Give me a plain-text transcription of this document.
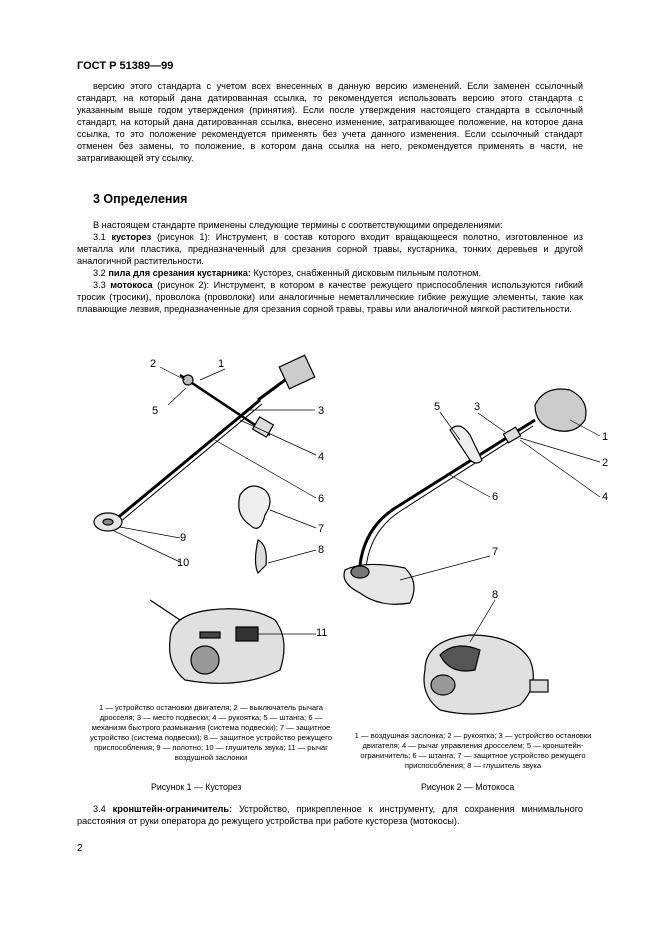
ГОСТ Р 51389—99
версию этого стандарта с учетом всех внесенных в данную версию изменений. Если заменен ссылочный стандарт, на который дана датированная ссылка, то рекомендуется использовать версию этого стандарта с указанным выше годом утверждения (принятия). Если после утверждения настоящего стандарта в ссылочный стандарт, на который дана датированная ссылка, внесено изменение, затрагивающее положение, на которое дана ссылка, то это положение рекомендуется применять без учета данного изменения. Если ссылочный стандарт отменен без замены, то положение, в котором дана ссылка на него, рекомендуется применять в части, не затрагивающей эту ссылку.
3 Определения
В настоящем стандарте применены следующие термины с соответствующими определениями:
3.1 кусторез (рисунок 1): Инструмент, в состав которого входит вращающееся полотно, изготовленное из металла или пластика, предназначенный для срезания сорной травы, кустарника, тонких деревьев и другой аналогичной растительности.
3.2 пила для срезания кустарника: Кусторез, снабженный дисковым пильным полотном.
3.3 мотокоса (рисунок 2): Инструмент, в котором в качестве режущего приспособления используются гибкий тросик (тросики), проволока (проволоки) или аналогичные неметаллические гибкие режущие элементы, такие как плавающие лезвия, предназначенные для срезания сорной травы, травы или аналогичной мягкой растительности.
1
2
3
4
5
6
7
8
9
10
11
1
2
3
4
5
6
7
8
1 — устройство остановки двигателя; 2 — выключатель рычага дросселя; 3 — место подвески; 4 — рукоятка; 5 — штанга; 6 — механизм быстрого размыкания (система подвески); 7 — защитное устройство (система подвески); 8 — защитное устройство режущего приспособления; 9 — полотно; 10 — глушитель звука; 11 — рычаг воздушной заслонки
Рисунок 1 — Кусторез
1 — воздушная заслонка; 2 — рукоятка; 3 — устройство остановки двигателя; 4 — рычаг управления дросселем; 5 — кронштейн-ограничитель; 6 — штанга; 7 — защитное устройство режущего приспособления; 8 — глушитель звука
Рисунок 2 — Мотокоса
3.4 кронштейн-ограничитель: Устройство, прикрепленное к инструменту, для сохранения минимального расстояния от руки оператора до режущего устройства при работе кустореза (мотокосы).
2
